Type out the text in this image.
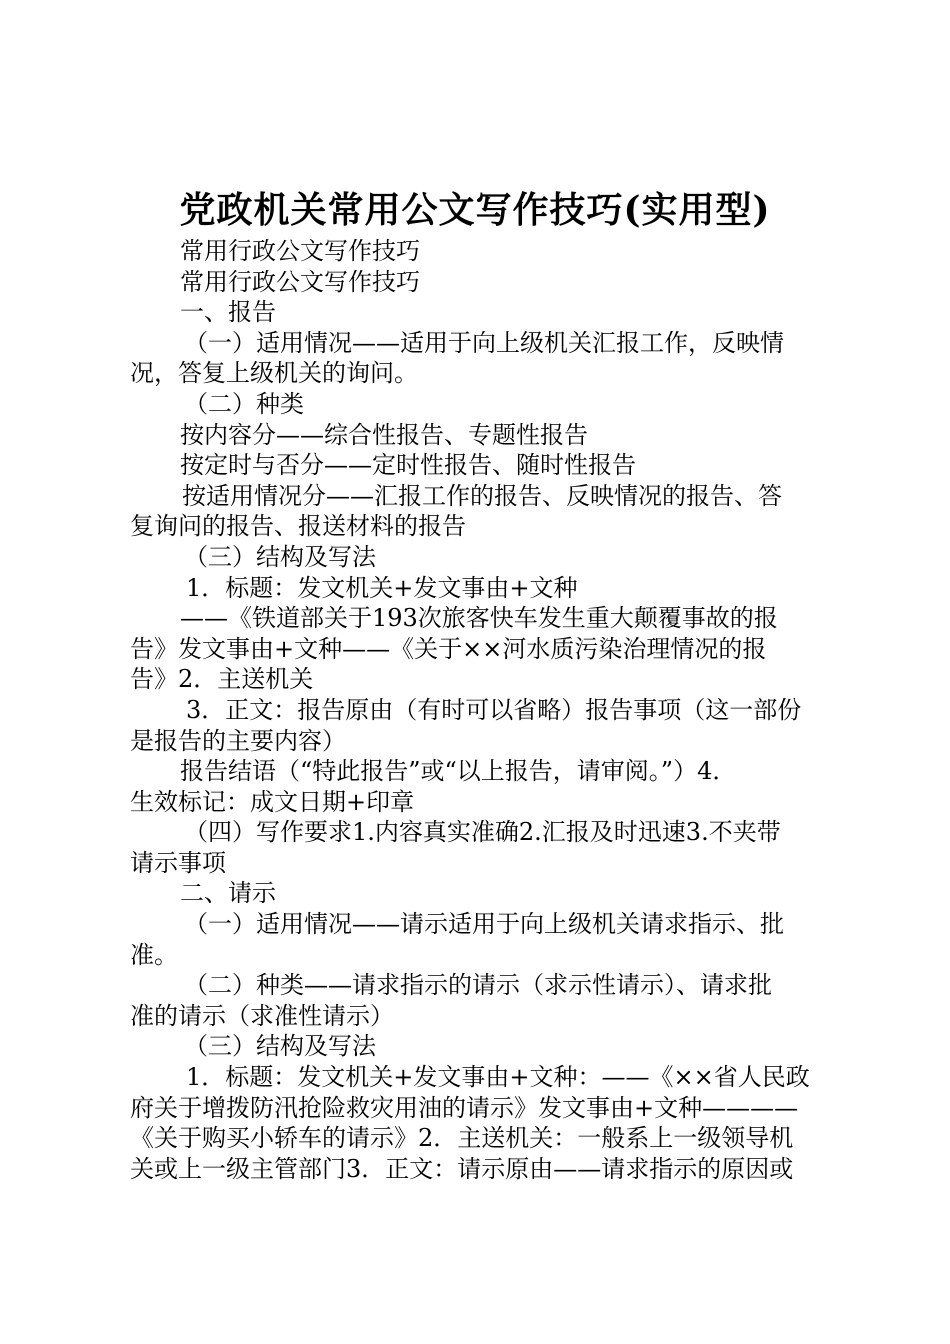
党政机关常用公文写作技巧(实用型)
常用行政公文写作技巧
常用行政公文写作技巧
一、报告
（一）适用情况——适用于向上级机关汇报工作，反映情
况，答复上级机关的询问。
（二）种类
按内容分——综合性报告、专题性报告
按定时与否分——定时性报告、随时性报告
按适用情况分——汇报工作的报告、反映情况的报告、答
复询问的报告、报送材料的报告
（三）结构及写法
1．标题：发文机关+发文事由+文种
——《铁道部关于193次旅客快车发生重大颠覆事故的报
告》发文事由+文种——《关于××河水质污染治理情况的报
告》2．主送机关
3．正文：报告原由（有时可以省略）报告事项（这一部份
是报告的主要内容）
报告结语（“特此报告”或“以上报告，请审阅。”）4．
生效标记：成文日期+印章
（四）写作要求1.内容真实准确2.汇报及时迅速3.不夹带
请示事项
二、请示
（一）适用情况——请示适用于向上级机关请求指示、批
准。
（二）种类——请求指示的请示（求示性请示）、请求批
准的请示（求准性请示）
（三）结构及写法
1．标题：发文机关+发文事由+文种：——《××省人民政
府关于增拨防汛抢险救灾用油的请示》发文事由+文种————
《关于购买小轿车的请示》2．主送机关：一般系上一级领导机
关或上一级主管部门3．正文：请示原由——请求指示的原因或
